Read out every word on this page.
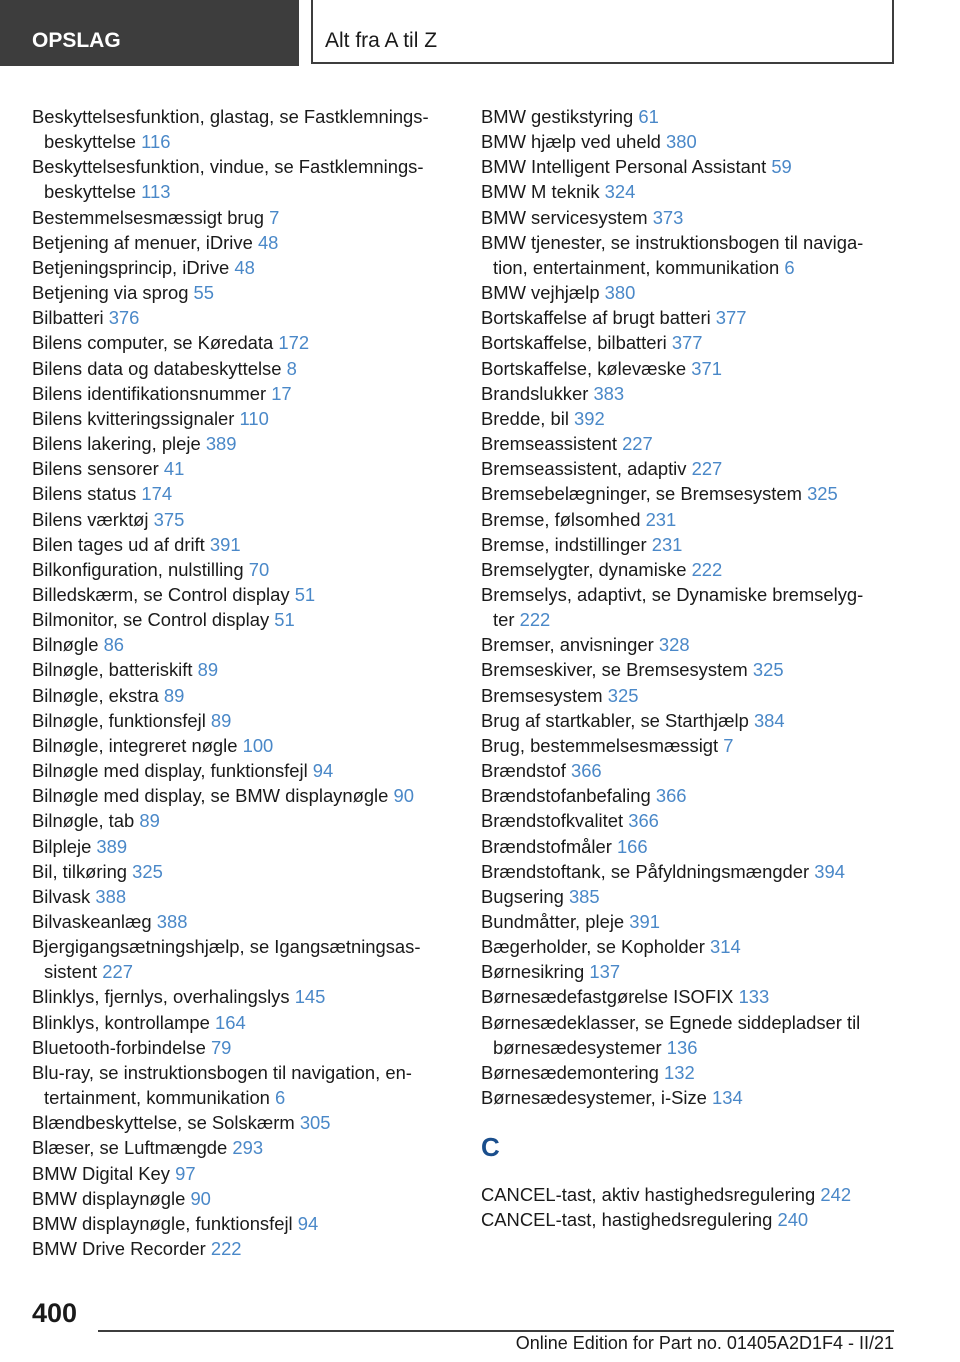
OPSLAG	Alt fra A til Z
Beskyttelsesfunktion, glastag, se Fastklemnings-
beskyttelse 116
Beskyttelsesfunktion, vindue, se Fastklemnings-
beskyttelse 113
Bestemmelsesmæssigt brug 7
Betjening af menuer, iDrive 48
Betjeningsprincip, iDrive 48
Betjening via sprog 55
Bilbatteri 376
Bilens computer, se Køredata 172
Bilens data og databeskyttelse 8
Bilens identifikationsnummer 17
Bilens kvitteringssignaler 110
Bilens lakering, pleje 389
Bilens sensorer 41
Bilens status 174
Bilens værktøj 375
Bilen tages ud af drift 391
Bilkonfiguration, nulstilling 70
Billedskærm, se Control display 51
Bilmonitor, se Control display 51
Bilnøgle 86
Bilnøgle, batteriskift 89
Bilnøgle, ekstra 89
Bilnøgle, funktionsfejl 89
Bilnøgle, integreret nøgle 100
Bilnøgle med display, funktionsfejl 94
Bilnøgle med display, se BMW displaynøgle 90
Bilnøgle, tab 89
Bilpleje 389
Bil, tilkøring 325
Bilvask 388
Bilvaskeanlæg 388
Bjergigangsætningshjælp, se Igangsætningsas-
sistent 227
Blinklys, fjernlys, overhalingslys 145
Blinklys, kontrollampe 164
Bluetooth-forbindelse 79
Blu-ray, se instruktionsbogen til navigation, en-
tertainment, kommunikation 6
Blændbeskyttelse, se Solskærm 305
Blæser, se Luftmængde 293
BMW Digital Key 97
BMW displaynøgle 90
BMW displaynøgle, funktionsfejl 94
BMW Drive Recorder 222
BMW gestikstyring 61
BMW hjælp ved uheld 380
BMW Intelligent Personal Assistant 59
BMW M teknik 324
BMW servicesystem 373
BMW tjenester, se instruktionsbogen til naviga-
tion, entertainment, kommunikation 6
BMW vejhjælp 380
Bortskaffelse af brugt batteri 377
Bortskaffelse, bilbatteri 377
Bortskaffelse, kølevæske 371
Brandslukker 383
Bredde, bil 392
Bremseassistent 227
Bremseassistent, adaptiv 227
Bremsebelægninger, se Bremsesystem 325
Bremse, følsomhed 231
Bremse, indstillinger 231
Bremselygter, dynamiske 222
Bremselys, adaptivt, se Dynamiske bremselyg-
ter 222
Bremser, anvisninger 328
Bremseskiver, se Bremsesystem 325
Bremsesystem 325
Brug af startkabler, se Starthjælp 384
Brug, bestemmelsesmæssigt 7
Brændstof 366
Brændstofanbefaling 366
Brændstofkvalitet 366
Brændstofmåler 166
Brændstoftank, se Påfyldningsmængder 394
Bugsering 385
Bundmåtter, pleje 391
Bægerholder, se Kopholder 314
Børnesikring 137
Børnesædefastgørelse ISOFIX 133
Børnesædeklasser, se Egnede siddepladser til
børnesædesystemer 136
Børnesædemontering 132
Børnesædesystemer, i-Size 134
C
CANCEL-tast, aktiv hastighedsregulering 242
CANCEL-tast, hastighedsregulering 240
400
Online Edition for Part no. 01405A2D1F4 - II/21
